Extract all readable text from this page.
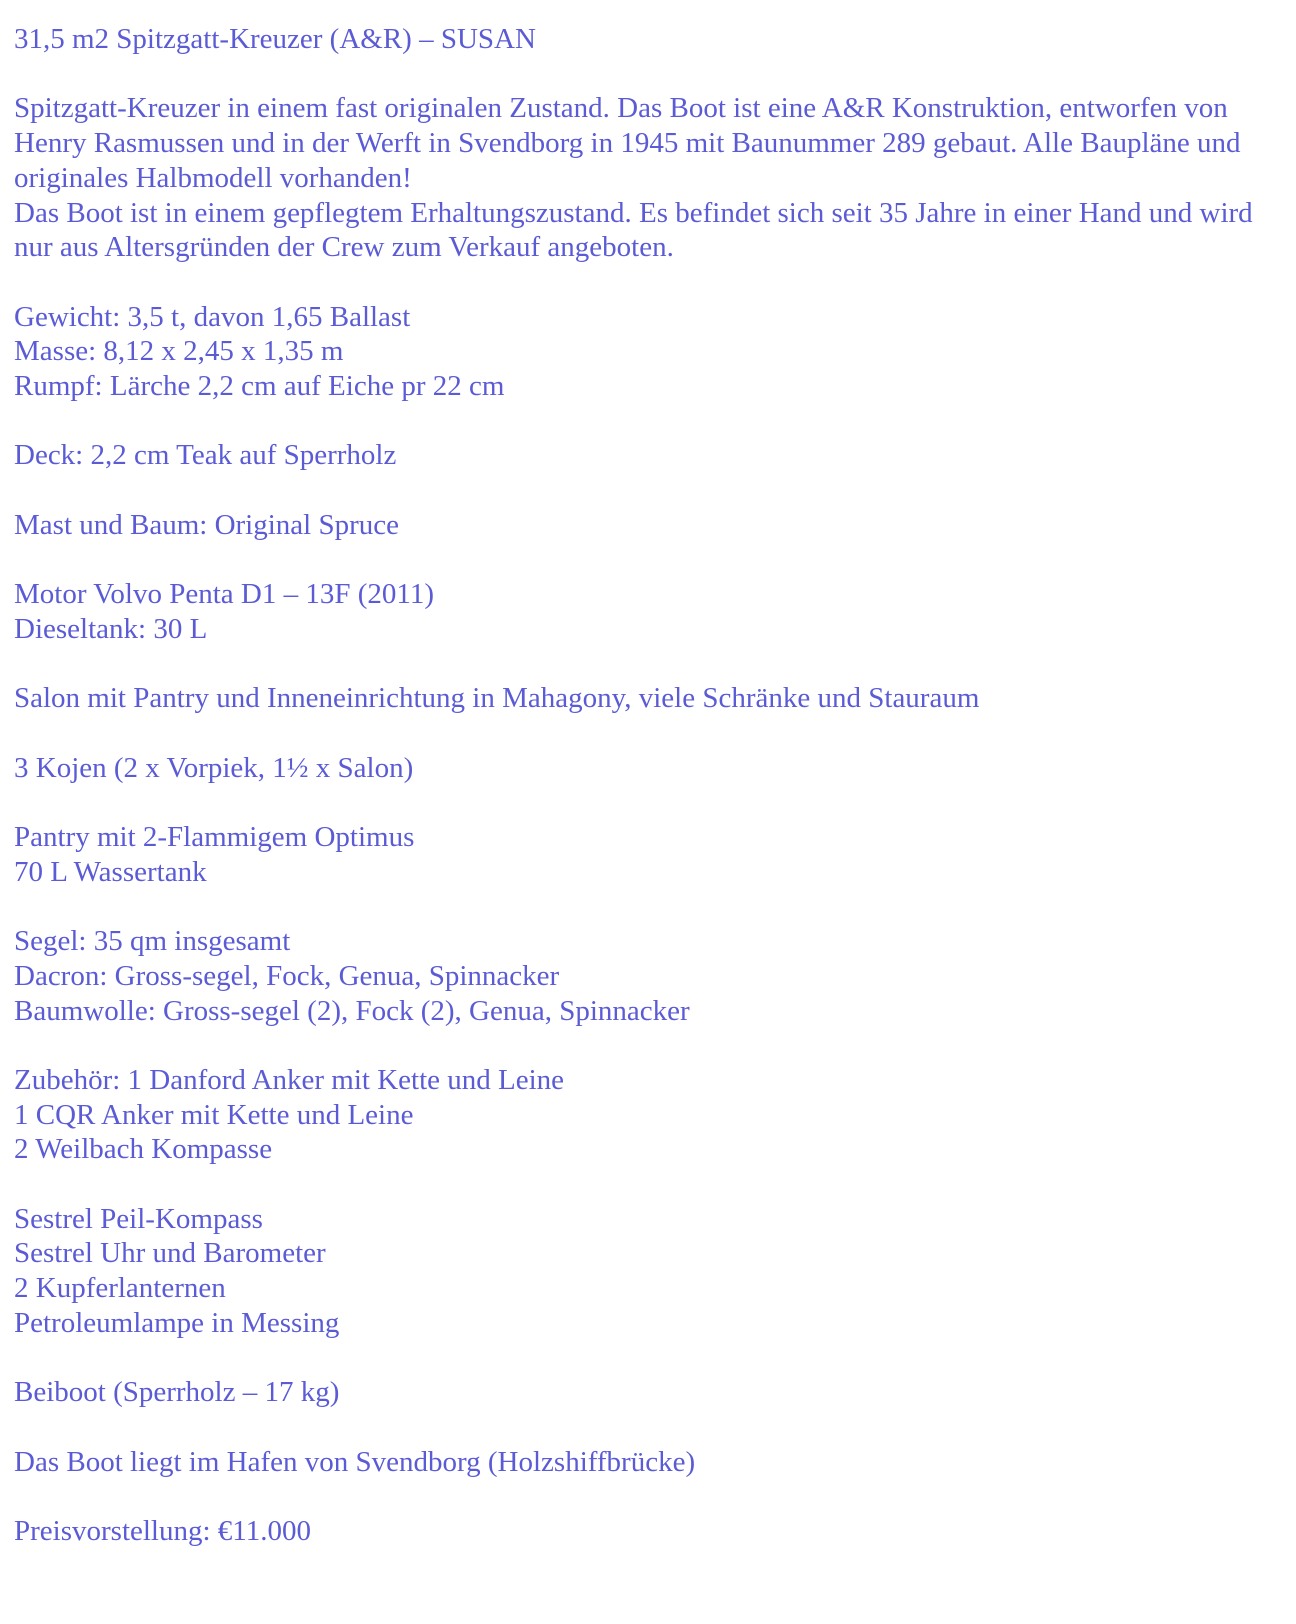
31,5 m2 Spitzgatt-Kreuzer (A&R) – SUSAN
Spitzgatt-Kreuzer in einem fast originalen Zustand. Das Boot ist eine A&R Konstruktion, entworfen von Henry Rasmussen und in der Werft in Svendborg in 1945 mit Baunummer 289 gebaut. Alle Baupläne und originales Halbmodell vorhanden!
Das Boot ist in einem gepflegtem Erhaltungszustand. Es befindet sich seit 35 Jahre in einer Hand und wird nur aus Altersgründen der Crew zum Verkauf angeboten.
Gewicht: 3,5 t, davon 1,65 Ballast
Masse: 8,12 x 2,45 x 1,35 m
Rumpf: Lärche 2,2 cm auf Eiche pr 22 cm
Deck: 2,2 cm Teak auf Sperrholz
Mast und Baum: Original Spruce
Motor Volvo Penta D1 – 13F (2011)
Dieseltank: 30 L
Salon mit Pantry und Inneneinrichtung in Mahagony, viele Schränke und Stauraum
3 Kojen (2 x Vorpiek, 1½ x Salon)
Pantry mit 2-Flammigem Optimus
70 L Wassertank
Segel: 35 qm insgesamt
Dacron: Gross-segel, Fock, Genua, Spinnacker
Baumwolle: Gross-segel (2), Fock (2), Genua, Spinnacker
Zubehör: 1 Danford Anker mit Kette und Leine
1 CQR Anker mit Kette und Leine
2 Weilbach Kompasse
Sestrel Peil-Kompass
Sestrel Uhr und Barometer
2 Kupferlanternen
Petroleumlampe in Messing
Beiboot (Sperrholz – 17 kg)
Das Boot liegt im Hafen von Svendborg (Holzshiffbrücke)
Preisvorstellung: €11.000
